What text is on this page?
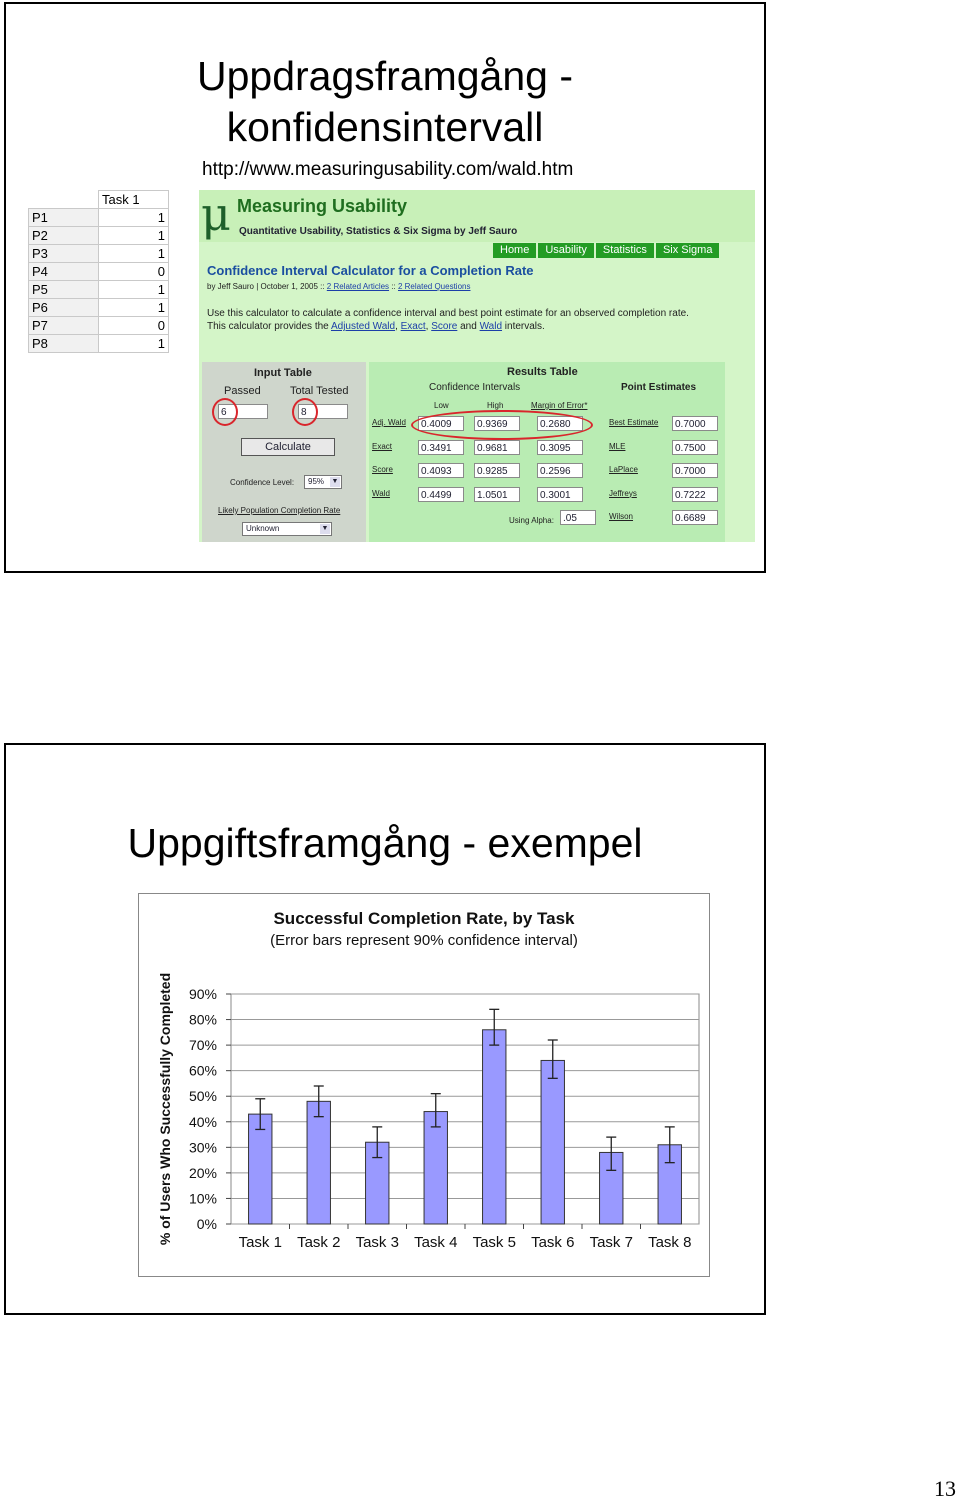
Uppdragsframgång -
konfidensintervall
http://www.measuringusability.com/wald.htm
	Task 1
P1	1
P2	1
P3	1
P4	0
P5	1
P6	1
P7	0
P8	1
μ Measuring Usability
Quantitative Usability, Statistics & Six Sigma by Jeff Sauro
Home	Usability	Statistics	Six Sigma
Confidence Interval Calculator for a Completion Rate
by Jeff Sauro | October 1, 2005 :: 2 Related Articles :: 2 Related Questions
Use this calculator to calculate a confidence interval and best point estimate for an observed completion rate.
This calculator provides the Adjusted Wald, Exact, Score and Wald intervals.
Input Table
Passed	Total Tested
6	8
Calculate
Confidence Level:	95% ▼
Likely Population Completion Rate
Unknown	▼
Results Table
Confidence Intervals	Point Estimates
Low	High	Margin of Error*
Adj. Wald	0.4009	0.9369	0.2680
Exact	0.3491	0.9681	0.3095
Score	0.4093	0.9285	0.2596
Wald	0.4499	1.0501	0.3001
Best Estimate	0.7000
MLE	0.7500
LaPlace	0.7000
Jeffreys	0.7222
Wilson	0.6689
Using Alpha: .05
Uppgiftsframgång - exempel
Successful Completion Rate, by Task
(Error bars represent 90% confidence interval)
% of Users Who Successfully Completed 0%
10%
20%
30%
40%
50%
60%
70%
80%
90%
Task 1 Task 2 Task 3 Task 4 Task 5 Task 6 Task 7 Task 8
13
